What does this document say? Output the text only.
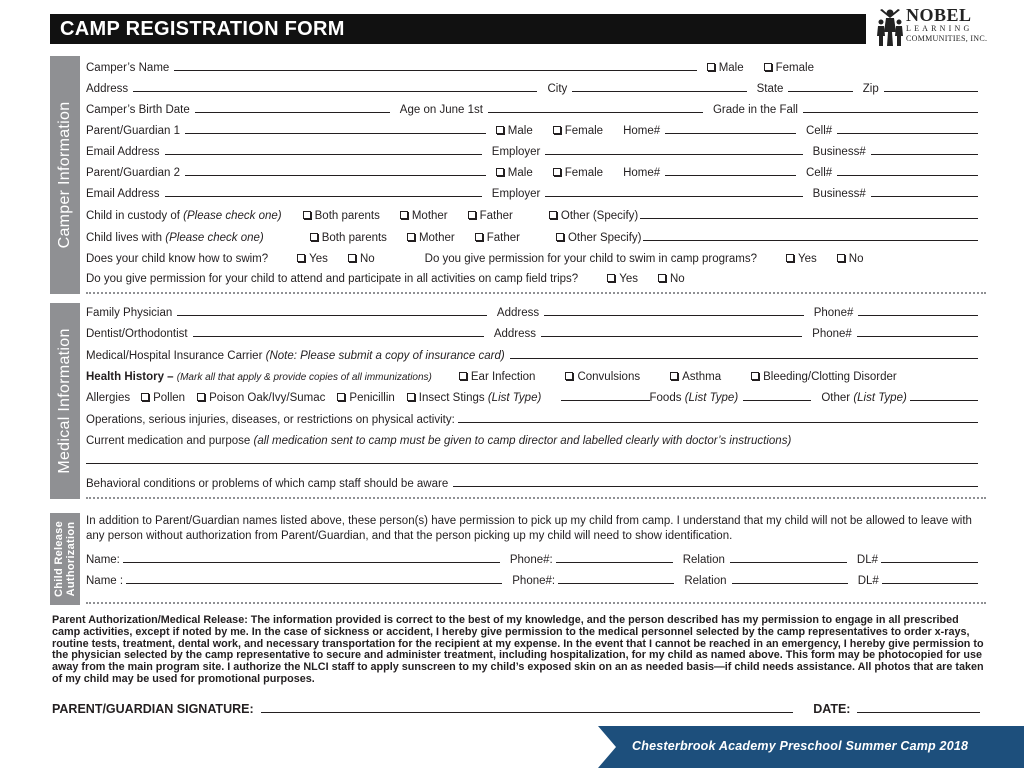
CAMP REGISTRATION FORM
NOBEL
LEARNING
COMMUNITIES, INC.
Camper Information
Medical Information
Child Release Authorization
Camper’s Name	Male	Female
Address	City	State	Zip
Camper’s Birth Date	Age on June 1st	Grade in the Fall
Parent/Guardian 1	Male	Female Home#	Cell#
Email Address	Employer	Business#
Parent/Guardian 2	Male	Female Home#	Cell#
Email Address	Employer	Business#
Child in custody of (Please check one)	Both parents	Mother	Father	Other (Specify)
Child lives with (Please check one)	Both parents	Mother	Father	Other Specify)
Does your child know how to swim?	Yes	No	Do you give permission for your child to swim in camp programs?	Yes	No
Do you give permission for your child to attend and participate in all activities on camp field trips?	Yes	No
Family Physician	Address	Phone#
Dentist/Orthodontist	Address	Phone#
Medical/Hospital Insurance Carrier (Note: Please submit a copy of insurance card)
Health History – (Mark all that apply & provide copies of all immunizations)	Ear Infection	Convulsions	Asthma	Bleeding/Clotting Disorder
Allergies	Pollen	Poison Oak/Ivy/Sumac	Penicillin	Insect Stings (List Type)	Foods (List Type)	Other (List Type)
Operations, serious injuries, diseases, or restrictions on physical activity:
Current medication and purpose (all medication sent to camp must be given to camp director and labelled clearly with doctor’s instructions)
Behavioral conditions or problems of which camp staff should be aware
In addition to Parent/Guardian names listed above, these person(s) have permission to pick up my child from camp. I understand that my child will not be allowed to leave with any person without authorization from Parent/Guardian, and that the person picking up my child will need to show identification.
Name:	Phone#:	Relation	DL#
Name :	Phone#:	Relation	DL#
Parent Authorization/Medical Release: The information provided is correct to the best of my knowledge, and the person described has my permission to engage in all prescribed camp activities, except if noted by me. In the case of sickness or accident, I hereby give permission to the medical personnel selected by the camp representatives to order x-rays, routine tests, treatment, dental work, and necessary transportation for the recipient at my expense. In the event that I cannot be reached in an emergency, I hereby give permission to the physician selected by the camp representative to secure and administer treatment, including hospitalization, for my child as named above. This form may be photocopied for use away from the main program site. I authorize the NLCI staff to apply sunscreen to my child’s exposed skin on an as needed basis—if child needs assistance. All photos that are taken of my child may be used for promotional purposes.
PARENT/GUARDIAN SIGNATURE:	DATE:
Chesterbrook Academy Preschool Summer Camp 2018
